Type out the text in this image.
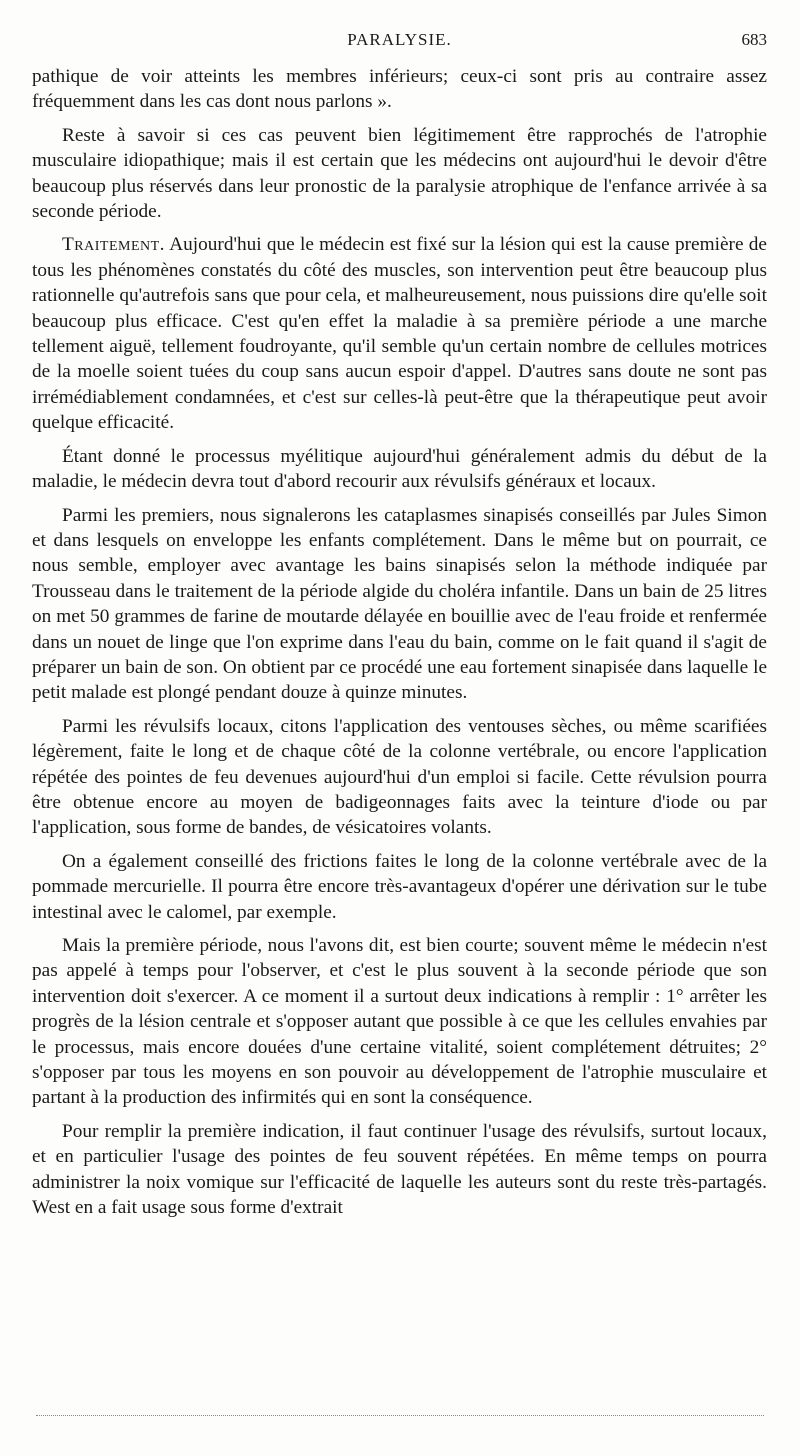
PARALYSIE.	683

pathique de voir atteints les membres inférieurs; ceux-ci sont pris au contraire assez fréquemment dans les cas dont nous parlons ».

Reste à savoir si ces cas peuvent bien légitimement être rapprochés de l'atrophie musculaire idiopathique; mais il est certain que les médecins ont aujourd'hui le devoir d'être beaucoup plus réservés dans leur pronostic de la paralysie atrophique de l'enfance arrivée à sa seconde période.

Traitement. Aujourd'hui que le médecin est fixé sur la lésion qui est la cause première de tous les phénomènes constatés du côté des muscles, son intervention peut être beaucoup plus rationnelle qu'autrefois sans que pour cela, et malheureusement, nous puissions dire qu'elle soit beaucoup plus efficace. C'est qu'en effet la maladie à sa première période a une marche tellement aiguë, tellement foudroyante, qu'il semble qu'un certain nombre de cellules motrices de la moelle soient tuées du coup sans aucun espoir d'appel. D'autres sans doute ne sont pas irrémédiablement condamnées, et c'est sur celles-là peut-être que la thérapeutique peut avoir quelque efficacité.

Étant donné le processus myélitique aujourd'hui généralement admis du début de la maladie, le médecin devra tout d'abord recourir aux révulsifs généraux et locaux.

Parmi les premiers, nous signalerons les cataplasmes sinapisés conseillés par Jules Simon et dans lesquels on enveloppe les enfants complétement. Dans le même but on pourrait, ce nous semble, employer avec avantage les bains sinapisés selon la méthode indiquée par Trousseau dans le traitement de la période algide du choléra infantile. Dans un bain de 25 litres on met 50 grammes de farine de moutarde délayée en bouillie avec de l'eau froide et renfermée dans un nouet de linge que l'on exprime dans l'eau du bain, comme on le fait quand il s'agit de préparer un bain de son. On obtient par ce procédé une eau fortement sinapisée dans laquelle le petit malade est plongé pendant douze à quinze minutes.

Parmi les révulsifs locaux, citons l'application des ventouses sèches, ou même scarifiées légèrement, faite le long et de chaque côté de la colonne vertébrale, ou encore l'application répétée des pointes de feu devenues aujourd'hui d'un emploi si facile. Cette révulsion pourra être obtenue encore au moyen de badigeonnages faits avec la teinture d'iode ou par l'application, sous forme de bandes, de vésicatoires volants.

On a également conseillé des frictions faites le long de la colonne vertébrale avec de la pommade mercurielle. Il pourra être encore très-avantageux d'opérer une dérivation sur le tube intestinal avec le calomel, par exemple.

Mais la première période, nous l'avons dit, est bien courte; souvent même le médecin n'est pas appelé à temps pour l'observer, et c'est le plus souvent à la seconde période que son intervention doit s'exercer. A ce moment il a surtout deux indications à remplir : 1° arrêter les progrès de la lésion centrale et s'opposer autant que possible à ce que les cellules envahies par le processus, mais encore douées d'une certaine vitalité, soient complétement détruites; 2° s'opposer par tous les moyens en son pouvoir au développement de l'atrophie musculaire et partant à la production des infirmités qui en sont la conséquence.

Pour remplir la première indication, il faut continuer l'usage des révulsifs, surtout locaux, et en particulier l'usage des pointes de feu souvent répétées. En même temps on pourra administrer la noix vomique sur l'efficacité de laquelle les auteurs sont du reste très-partagés. West en a fait usage sous forme d'extrait
